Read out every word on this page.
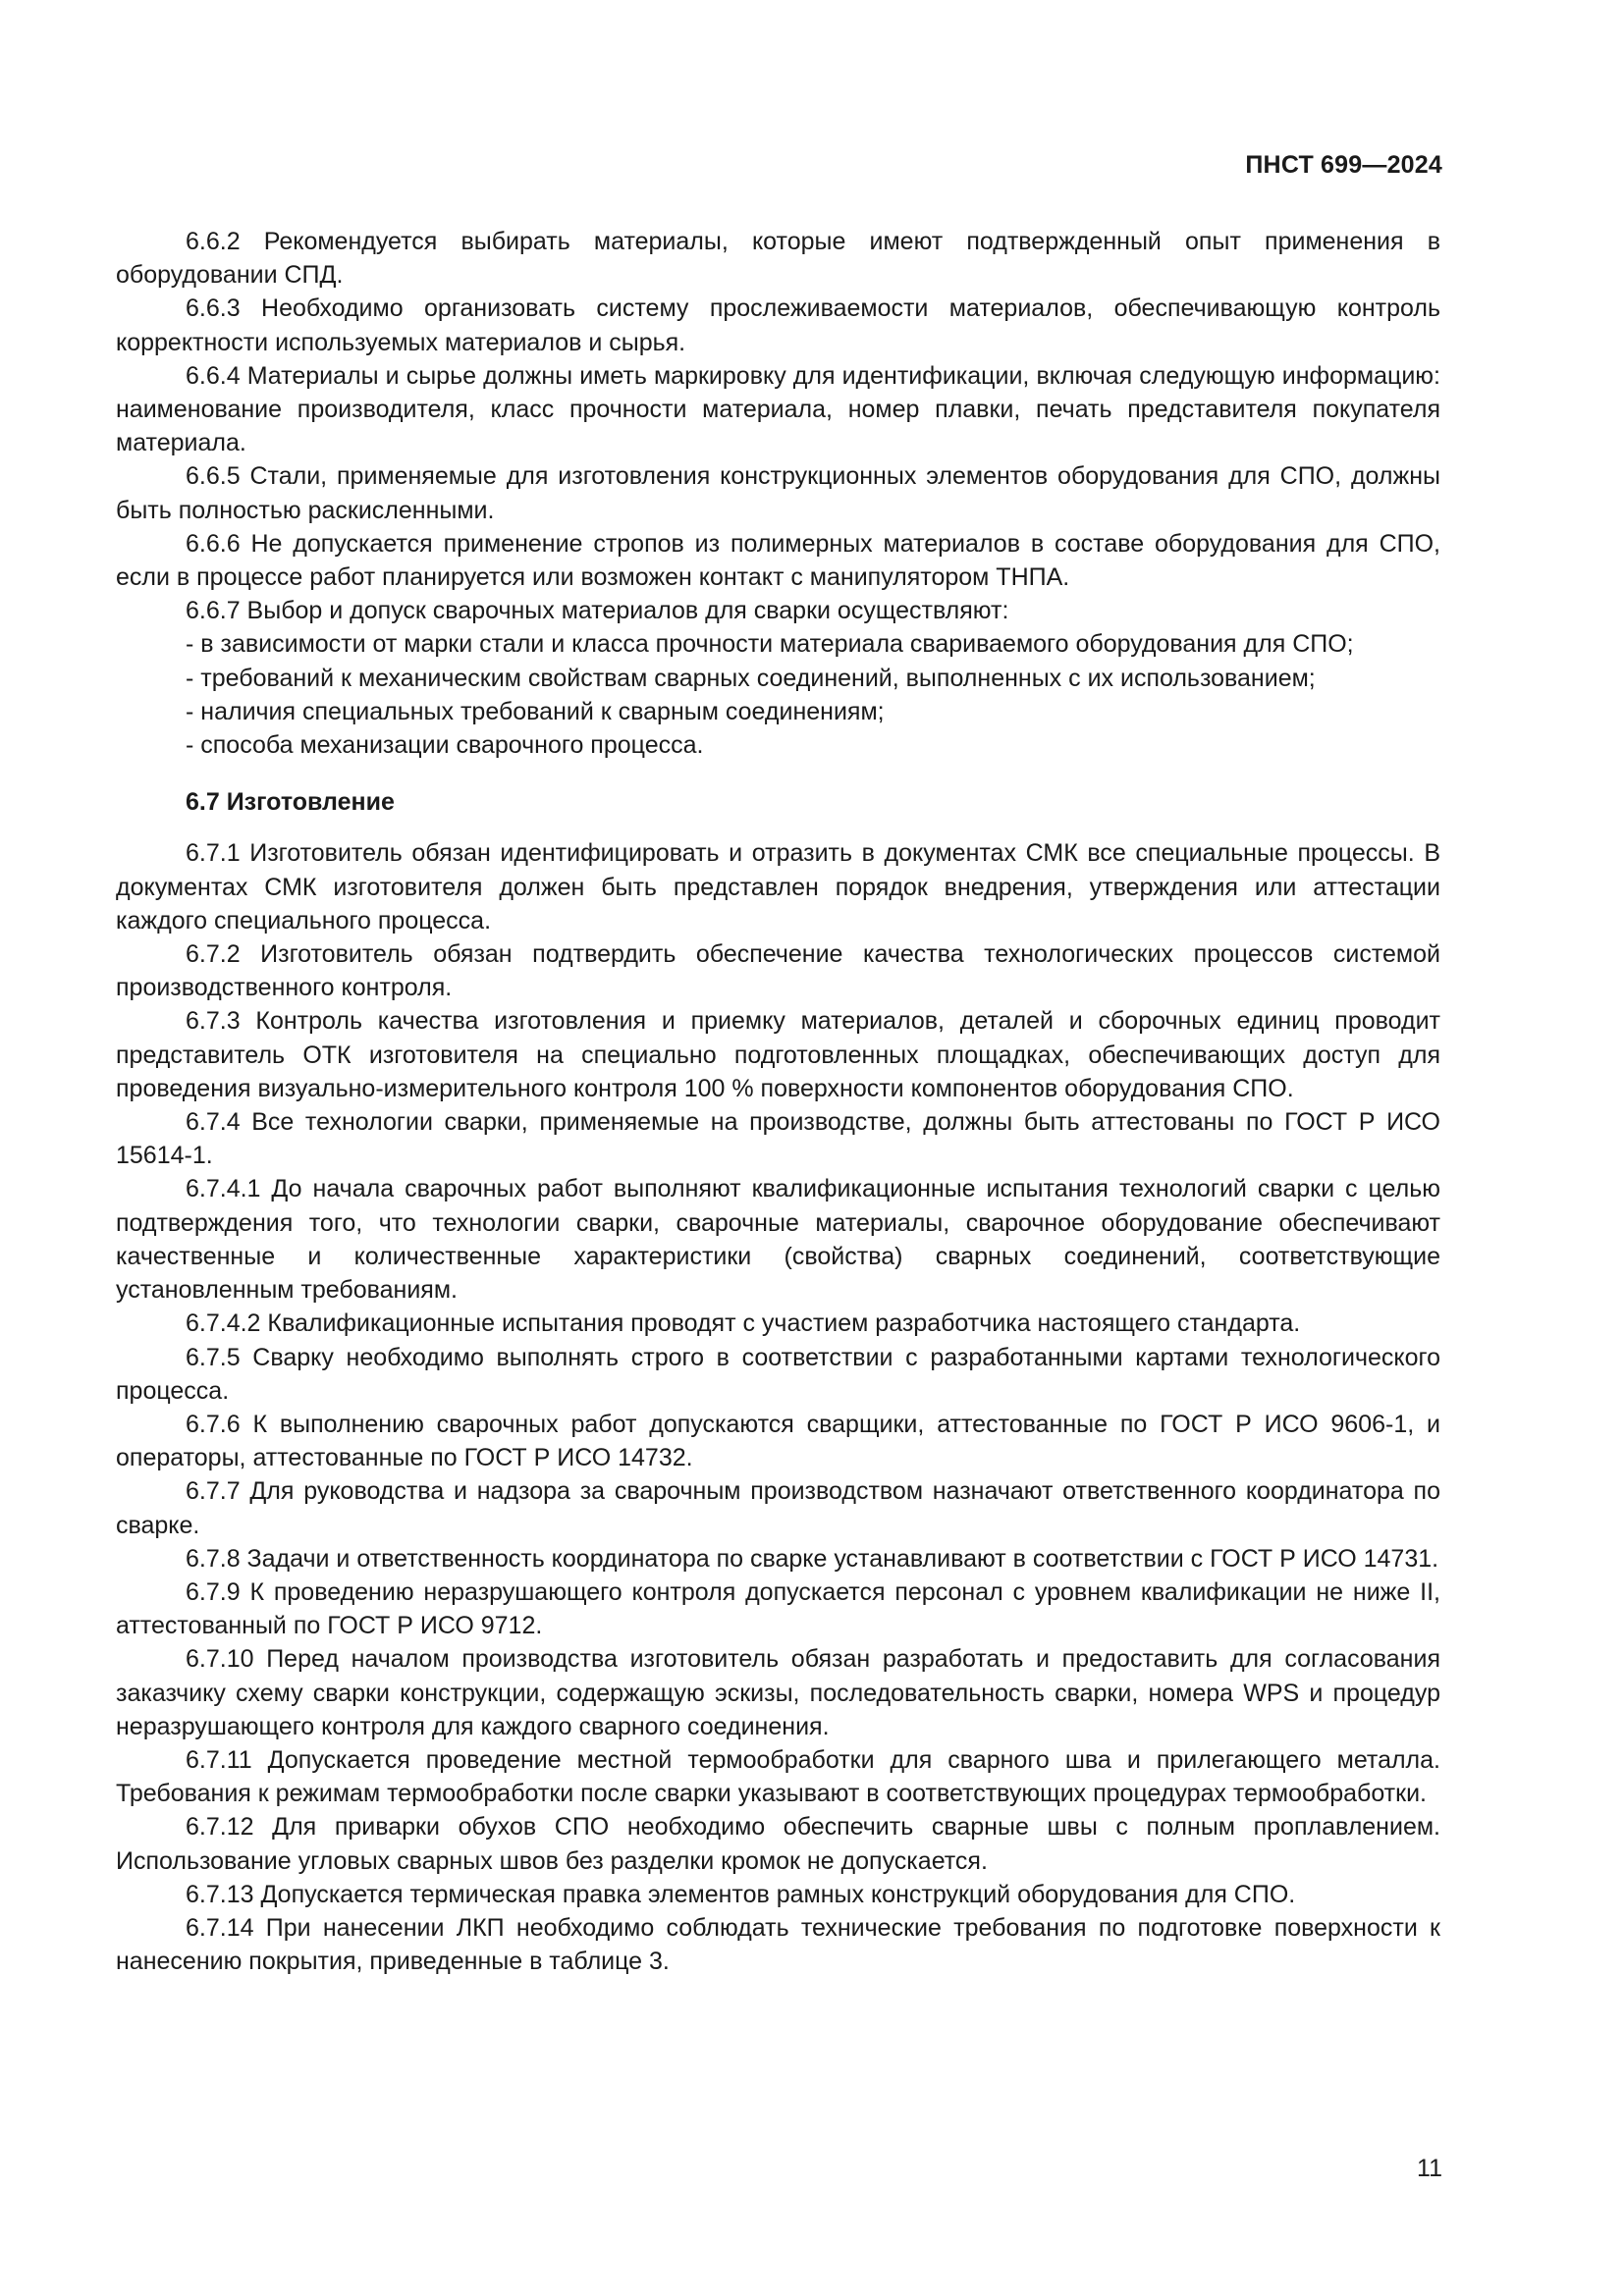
ПНСТ 699—2024

6.6.2 Рекомендуется выбирать материалы, которые имеют подтвержденный опыт применения в оборудовании СПД.

6.6.3 Необходимо организовать систему прослеживаемости материалов, обеспечивающую контроль корректности используемых материалов и сырья.

6.6.4 Материалы и сырье должны иметь маркировку для идентификации, включая следующую информацию: наименование производителя, класс прочности материала, номер плавки, печать представителя покупателя материала.

6.6.5 Стали, применяемые для изготовления конструкционных элементов оборудования для СПО, должны быть полностью раскисленными.

6.6.6 Не допускается применение стропов из полимерных материалов в составе оборудования для СПО, если в процессе работ планируется или возможен контакт с манипулятором ТНПА.

6.6.7 Выбор и допуск сварочных материалов для сварки осуществляют:

- в зависимости от марки стали и класса прочности материала свариваемого оборудования для СПО;

- требований к механическим свойствам сварных соединений, выполненных с их использованием;

- наличия специальных требований к сварным соединениям;

- способа механизации сварочного процесса.

6.7 Изготовление

6.7.1 Изготовитель обязан идентифицировать и отразить в документах СМК все специальные процессы. В документах СМК изготовителя должен быть представлен порядок внедрения, утверждения или аттестации каждого специального процесса.

6.7.2 Изготовитель обязан подтвердить обеспечение качества технологических процессов системой производственного контроля.

6.7.3 Контроль качества изготовления и приемку материалов, деталей и сборочных единиц проводит представитель ОТК изготовителя на специально подготовленных площадках, обеспечивающих доступ для проведения визуально-измерительного контроля 100 % поверхности компонентов оборудования СПО.

6.7.4 Все технологии сварки, применяемые на производстве, должны быть аттестованы по ГОСТ Р ИСО 15614-1.

6.7.4.1 До начала сварочных работ выполняют квалификационные испытания технологий сварки с целью подтверждения того, что технологии сварки, сварочные материалы, сварочное оборудование обеспечивают качественные и количественные характеристики (свойства) сварных соединений, соответствующие установленным требованиям.

6.7.4.2 Квалификационные испытания проводят с участием разработчика настоящего стандарта.

6.7.5 Сварку необходимо выполнять строго в соответствии с разработанными картами технологического процесса.

6.7.6 К выполнению сварочных работ допускаются сварщики, аттестованные по ГОСТ Р ИСО 9606-1, и операторы, аттестованные по ГОСТ Р ИСО 14732.

6.7.7 Для руководства и надзора за сварочным производством назначают ответственного координатора по сварке.

6.7.8 Задачи и ответственность координатора по сварке устанавливают в соответствии с ГОСТ Р ИСО 14731.

6.7.9 К проведению неразрушающего контроля допускается персонал с уровнем квалификации не ниже II, аттестованный по ГОСТ Р ИСО 9712.

6.7.10 Перед началом производства изготовитель обязан разработать и предоставить для согласования заказчику схему сварки конструкции, содержащую эскизы, последовательность сварки, номера WPS и процедур неразрушающего контроля для каждого сварного соединения.

6.7.11 Допускается проведение местной термообработки для сварного шва и прилегающего металла. Требования к режимам термообработки после сварки указывают в соответствующих процедурах термообработки.

6.7.12 Для приварки обухов СПО необходимо обеспечить сварные швы с полным проплавлением. Использование угловых сварных швов без разделки кромок не допускается.

6.7.13 Допускается термическая правка элементов рамных конструкций оборудования для СПО.

6.7.14 При нанесении ЛКП необходимо соблюдать технические требования по подготовке поверхности к нанесению покрытия, приведенные в таблице 3.

11
